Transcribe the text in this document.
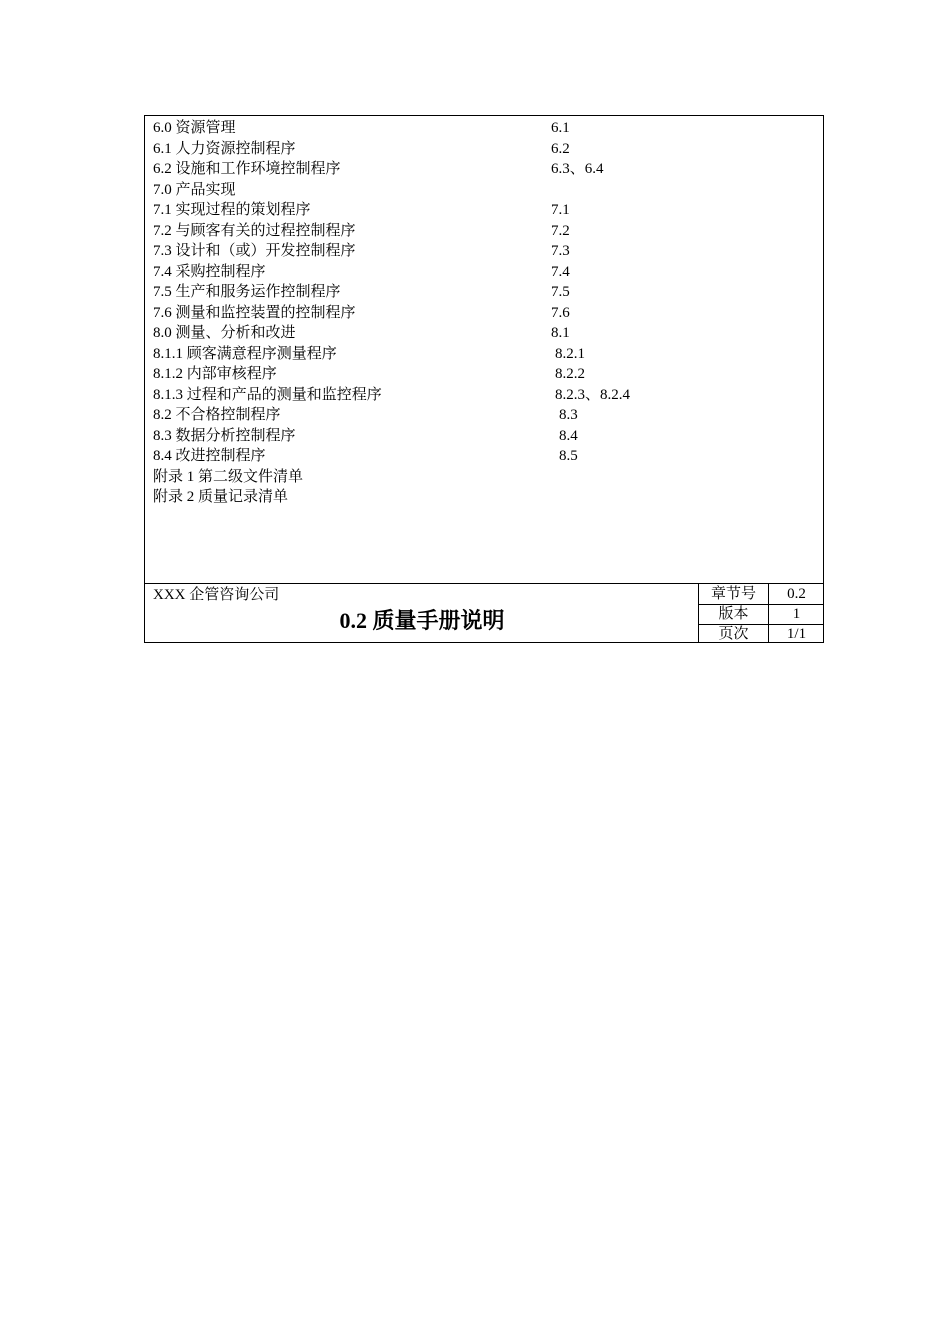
6.0 资源管理	6.1
6.1 人力资源控制程序	6.2
6.2 设施和工作环境控制程序	6.3、6.4
7.0 产品实现
7.1 实现过程的策划程序	7.1
7.2 与顾客有关的过程控制程序	7.2
7.3 设计和（或）开发控制程序	7.3
7.4 采购控制程序	7.4
7.5 生产和服务运作控制程序	7.5
7.6 测量和监控装置的控制程序	7.6
8.0 测量、分析和改进	8.1
8.1.1 顾客满意程序测量程序	8.2.1
8.1.2 内部审核程序	8.2.2
8.1.3 过程和产品的测量和监控程序	8.2.3、8.2.4
8.2 不合格控制程序	8.3
8.3 数据分析控制程序	8.4
8.4 改进控制程序	8.5
附录 1 第二级文件清单
附录 2 质量记录清单
XXX 企管咨询公司
0.2 质量手册说明
章节号	0.2
版本	1
页次	1/1
